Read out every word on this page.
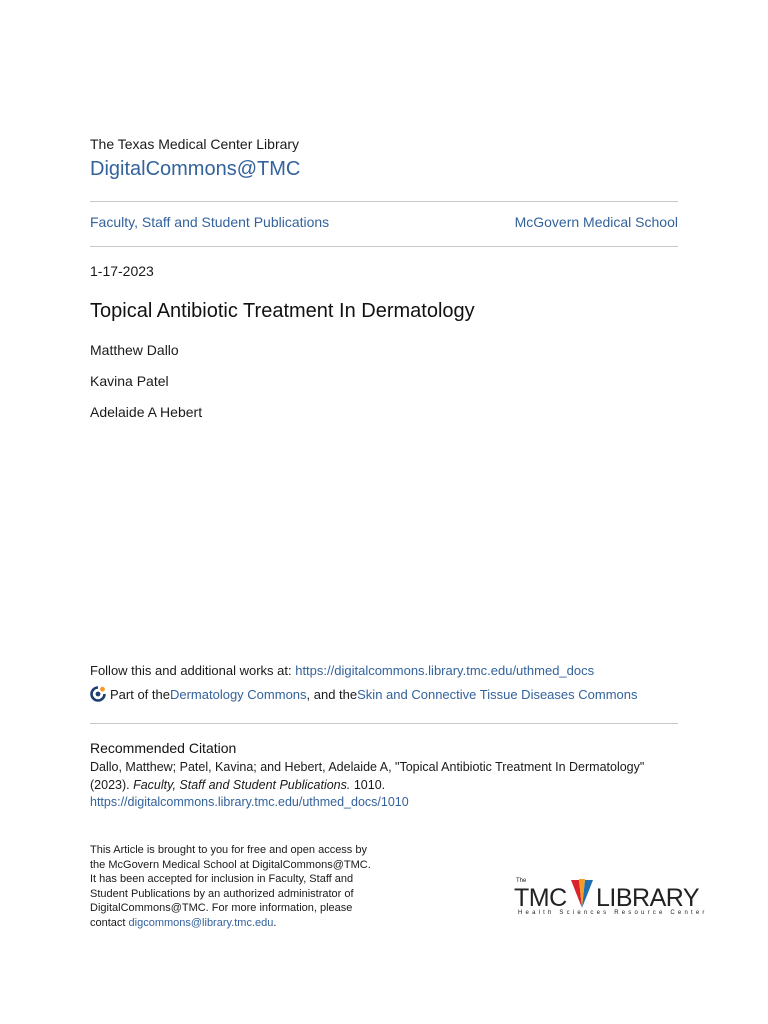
The Texas Medical Center Library
DigitalCommons@TMC
Faculty, Staff and Student Publications	McGovern Medical School
1-17-2023
Topical Antibiotic Treatment In Dermatology
Matthew Dallo
Kavina Patel
Adelaide A Hebert
Follow this and additional works at: https://digitalcommons.library.tmc.edu/uthmed_docs
Part of the Dermatology Commons , and the Skin and Connective Tissue Diseases Commons
Recommended Citation
Dallo, Matthew; Patel, Kavina; and Hebert, Adelaide A, "Topical Antibiotic Treatment In Dermatology" (2023). Faculty, Staff and Student Publications. 1010.
https://digitalcommons.library.tmc.edu/uthmed_docs/1010
This Article is brought to you for free and open access by
the McGovern Medical School at DigitalCommons@TMC.
It has been accepted for inclusion in Faculty, Staff and
Student Publications by an authorized administrator of
DigitalCommons@TMC. For more information, please
contact digcommons@library.tmc.edu.
The
TMC LIBRARY
Health Sciences Resource Center
